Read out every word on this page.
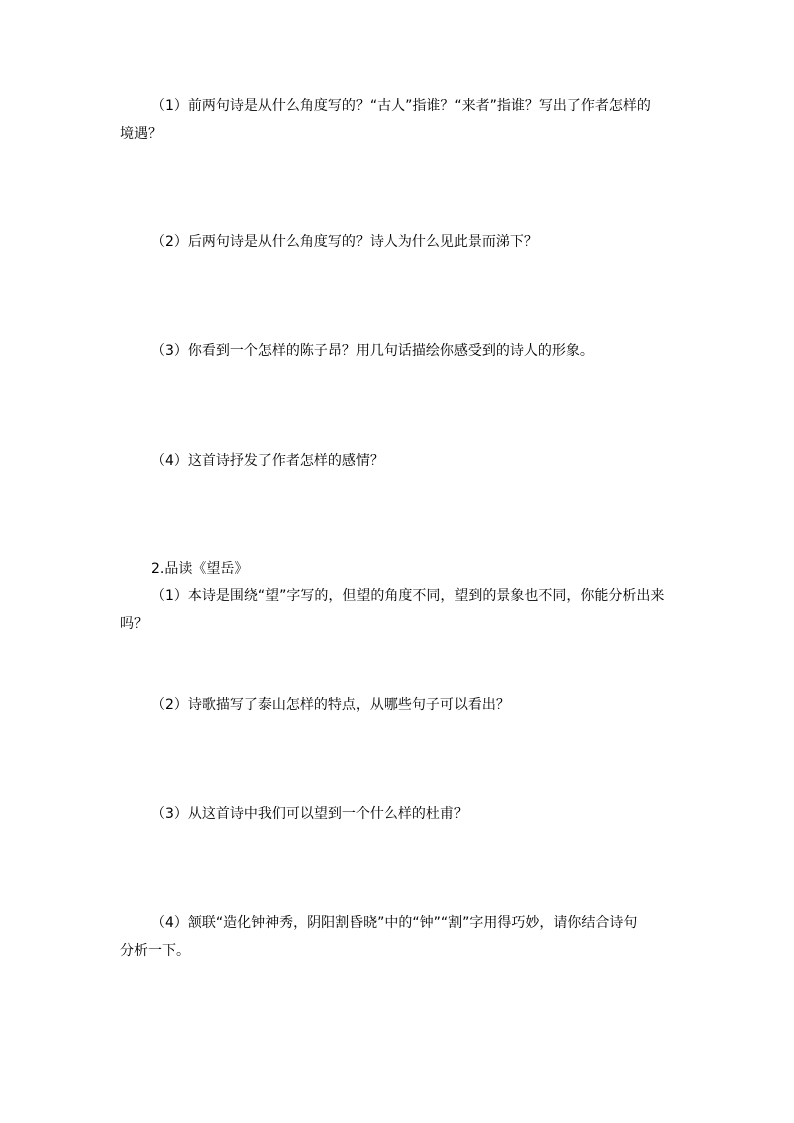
（1）前两句诗是从什么角度写的？“古人”指谁？“来者”指谁？写出了作者怎样的

境遇？

（2）后两句诗是从什么角度写的？诗人为什么见此景而涕下？

（3）你看到一个怎样的陈子昂？用几句话描绘你感受到的诗人的形象。

（4）这首诗抒发了作者怎样的感情？

2.品读《望岳》

（1）本诗是围绕“望”字写的，但望的角度不同，望到的景象也不同，你能分析出来

吗？

（2）诗歌描写了泰山怎样的特点，从哪些句子可以看出？

（3）从这首诗中我们可以望到一个什么样的杜甫？

（4）颔联“造化钟神秀，阴阳割昏晓”中的“钟”“割”字用得巧妙，请你结合诗句

分析一下。
